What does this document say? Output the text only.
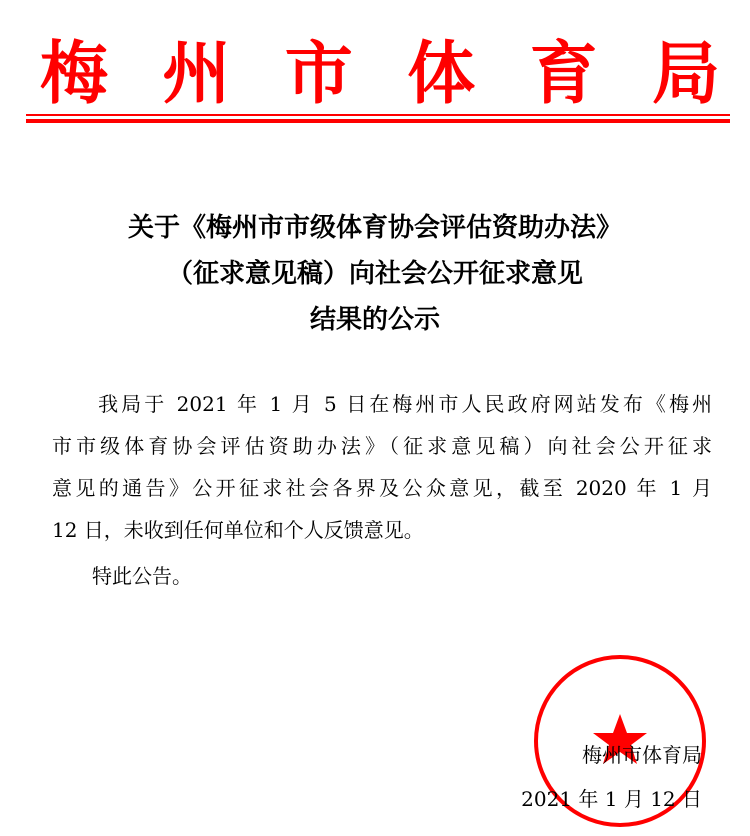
梅 州 市 体 育 局
关于《梅州市市级体育协会评估资助办法》
（征求意见稿）向社会公开征求意见
结果的公示
　　我局于 2021 年 1 月 5 日在梅州市人民政府网站发布《梅州
市市级体育协会评估资助办法》（征求意见稿）向社会公开征求
意见的通告》公开征求社会各界及公众意见，截至 2020 年 1 月
12 日，未收到任何单位和个人反馈意见。
　　特此公告。
梅州市体育局
2021 年 1 月 12 日
